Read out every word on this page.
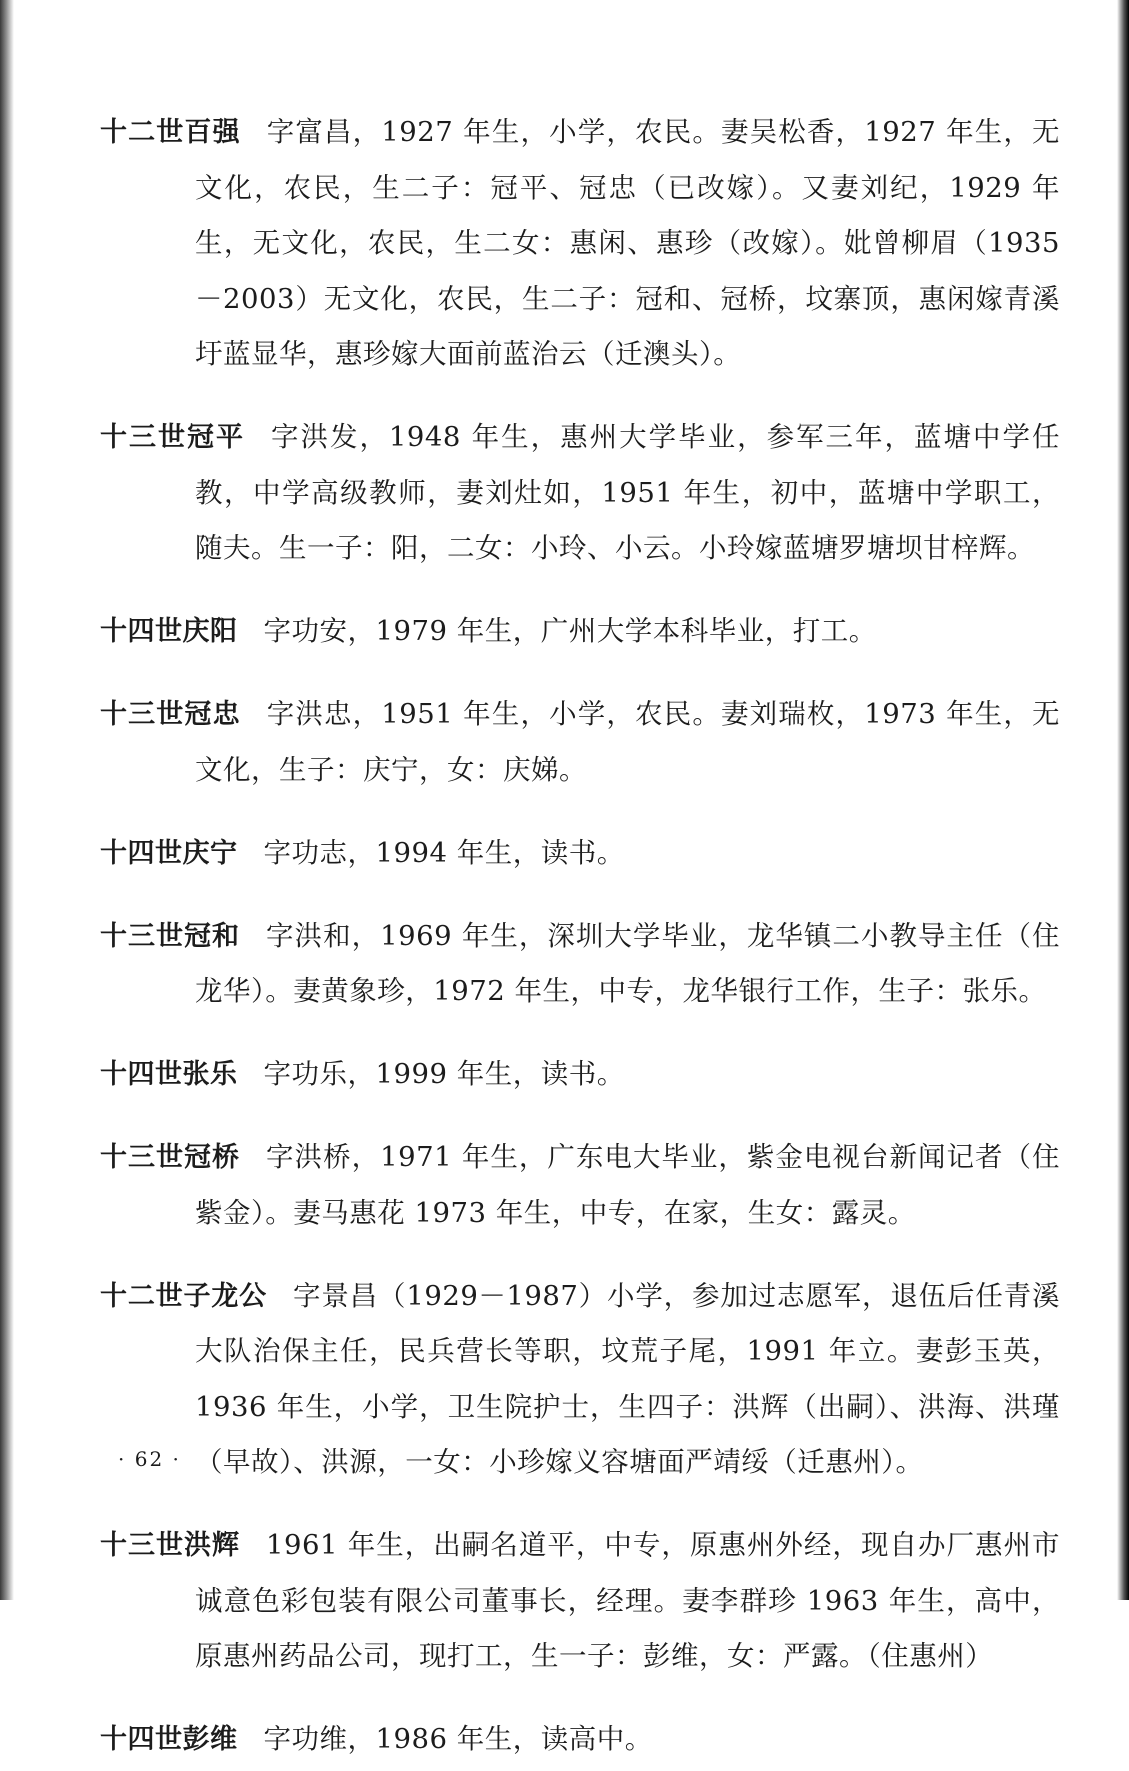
十二世百强 字富昌，1927 年生，小学，农民。妻吴松香，1927 年生，无文化，农民，生二子：冠平、冠忠（已改嫁）。又妻刘纪，1929 年生，无文化，农民，生二女：惠闲、惠珍（改嫁）。妣曾柳眉（1935－2003）无文化，农民，生二子：冠和、冠桥，坟寨顶，惠闲嫁青溪圩蓝显华，惠珍嫁大面前蓝治云（迁澳头）。

十三世冠平 字洪发，1948 年生，惠州大学毕业，参军三年，蓝塘中学任教，中学高级教师，妻刘灶如，1951 年生，初中，蓝塘中学职工，随夫。生一子：阳，二女：小玲、小云。小玲嫁蓝塘罗塘坝甘梓辉。

十四世庆阳 字功安，1979 年生，广州大学本科毕业，打工。

十三世冠忠 字洪忠，1951 年生，小学，农民。妻刘瑞枚，1973 年生，无文化，生子：庆宁，女：庆娣。

十四世庆宁 字功志，1994 年生，读书。

十三世冠和 字洪和，1969 年生，深圳大学毕业，龙华镇二小教导主任（住龙华）。妻黄象珍，1972 年生，中专，龙华银行工作，生子：张乐。

十四世张乐 字功乐，1999 年生，读书。

十三世冠桥 字洪桥，1971 年生，广东电大毕业，紫金电视台新闻记者（住紫金）。妻马惠花 1973 年生，中专，在家，生女：露灵。

十二世子龙公 字景昌（1929－1987）小学，参加过志愿军，退伍后任青溪大队治保主任，民兵营长等职，坟荒子尾，1991 年立。妻彭玉英，1936 年生，小学，卫生院护士，生四子：洪辉（出嗣）、洪海、洪瑾（早故）、洪源，一女：小珍嫁义容塘面严靖绥（迁惠州）。

十三世洪辉 1961 年生，出嗣名道平，中专，原惠州外经，现自办厂惠州市诚意色彩包装有限公司董事长，经理。妻李群珍 1963 年生，高中，原惠州药品公司，现打工，生一子：彭维，女：严露。（住惠州）

十四世彭维 字功维，1986 年生，读高中。

· 62 ·
